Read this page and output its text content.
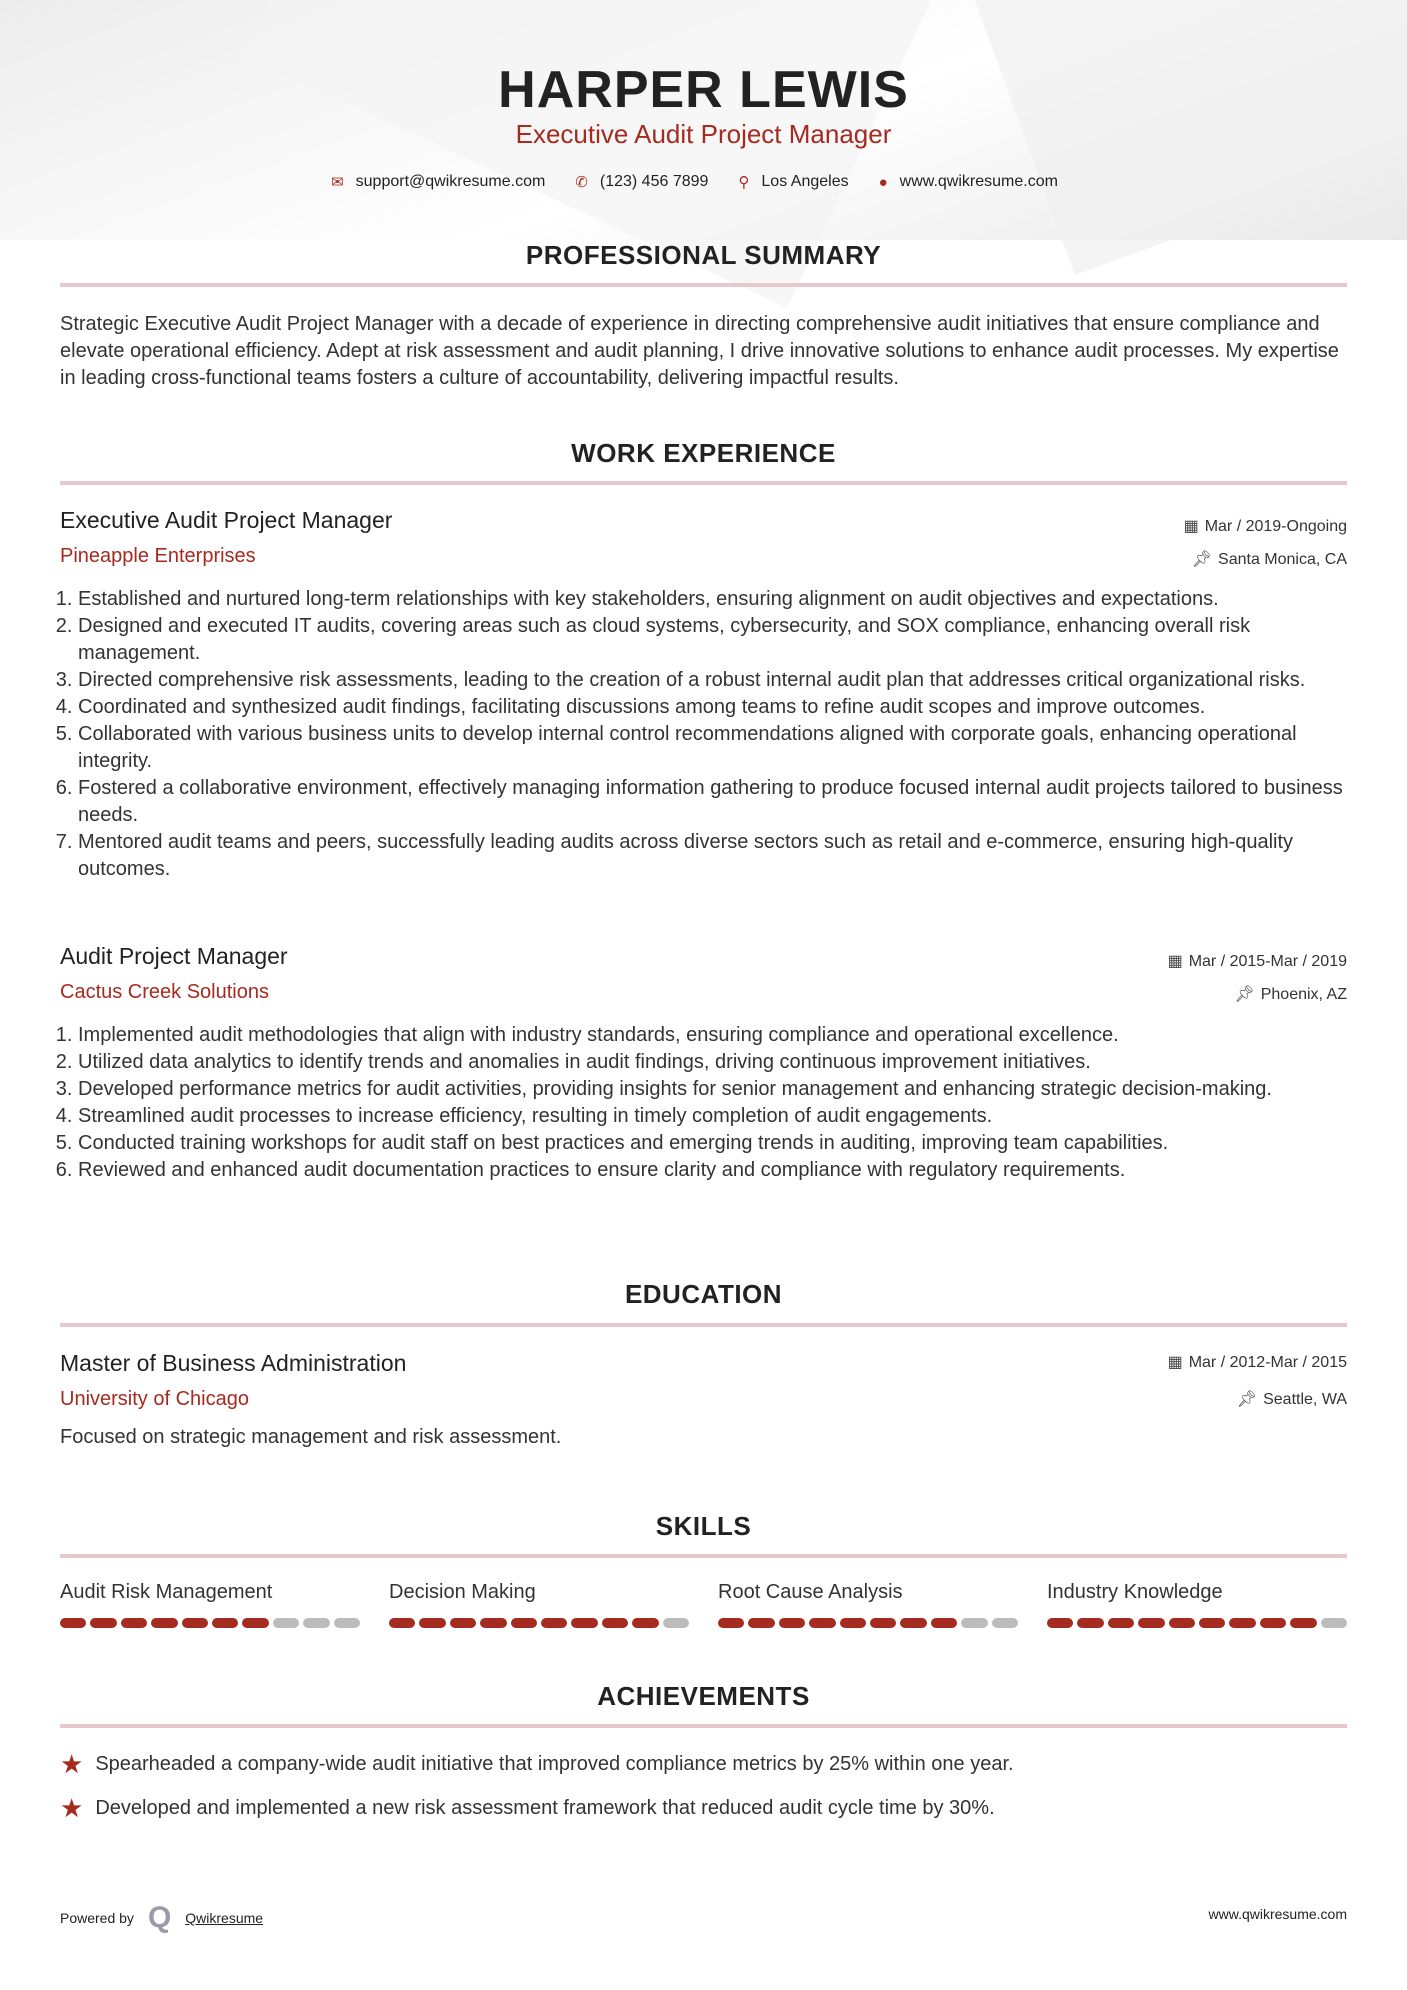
HARPER LEWIS
Executive Audit Project Manager
✉ support@qwikresume.com ✆ (123) 456 7899 ⚲ Los Angeles ● www.qwikresume.com
PROFESSIONAL SUMMARY
Strategic Executive Audit Project Manager with a decade of experience in directing comprehensive audit initiatives that ensure compliance and elevate operational efficiency. Adept at risk assessment and audit planning, I drive innovative solutions to enhance audit processes. My expertise in leading cross-functional teams fosters a culture of accountability, delivering impactful results.
WORK EXPERIENCE
Executive Audit Project Manager	▦ Mar / 2019-Ongoing
Pineapple Enterprises	📌︎ Santa Monica, CA
1. Established and nurtured long-term relationships with key stakeholders, ensuring alignment on audit objectives and expectations.
2. Designed and executed IT audits, covering areas such as cloud systems, cybersecurity, and SOX compliance, enhancing overall risk management.
3. Directed comprehensive risk assessments, leading to the creation of a robust internal audit plan that addresses critical organizational risks.
4. Coordinated and synthesized audit findings, facilitating discussions among teams to refine audit scopes and improve outcomes.
5. Collaborated with various business units to develop internal control recommendations aligned with corporate goals, enhancing operational integrity.
6. Fostered a collaborative environment, effectively managing information gathering to produce focused internal audit projects tailored to business needs.
7. Mentored audit teams and peers, successfully leading audits across diverse sectors such as retail and e-commerce, ensuring high-quality outcomes.
Audit Project Manager	▦ Mar / 2015-Mar / 2019
Cactus Creek Solutions	📌︎ Phoenix, AZ
1. Implemented audit methodologies that align with industry standards, ensuring compliance and operational excellence.
2. Utilized data analytics to identify trends and anomalies in audit findings, driving continuous improvement initiatives.
3. Developed performance metrics for audit activities, providing insights for senior management and enhancing strategic decision-making.
4. Streamlined audit processes to increase efficiency, resulting in timely completion of audit engagements.
5. Conducted training workshops for audit staff on best practices and emerging trends in auditing, improving team capabilities.
6. Reviewed and enhanced audit documentation practices to ensure clarity and compliance with regulatory requirements.
EDUCATION
Master of Business Administration	▦ Mar / 2012-Mar / 2015
University of Chicago	📌︎ Seattle, WA
Focused on strategic management and risk assessment.
SKILLS
Audit Risk Management	Decision Making	Root Cause Analysis	Industry Knowledge
ACHIEVEMENTS
★ Spearheaded a company-wide audit initiative that improved compliance metrics by 25% within one year.
★ Developed and implemented a new risk assessment framework that reduced audit cycle time by 30%.
Powered by Q Qwikresume	www.qwikresume.com
